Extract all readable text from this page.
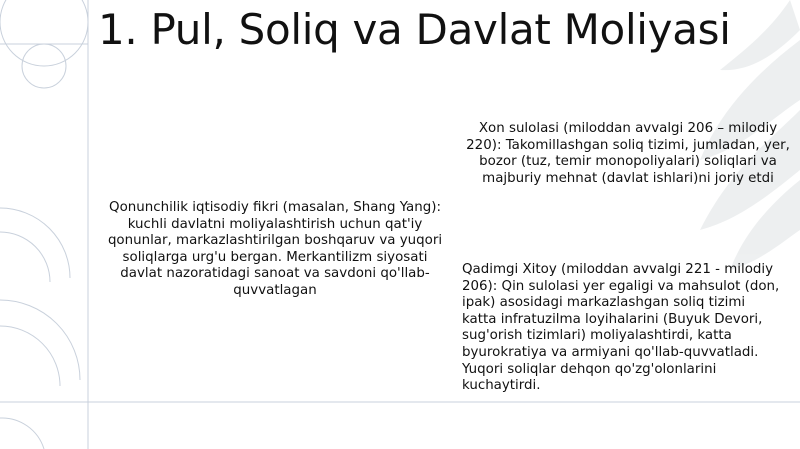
1. Pul, Soliq va Davlat Moliyasi
Xon sulolasi (miloddan avvalgi 206 – milodiy 220): Takomillashgan soliq tizimi, jumladan, yer, bozor (tuz, temir monopoliyalari) soliqlari va majburiy mehnat (davlat ishlari)ni joriy etdi
Qonunchilik iqtisodiy fikri (masalan, Shang Yang): kuchli davlatni moliyalashtirish uchun qat'iy qonunlar, markazlashtirilgan boshqaruv va yuqori soliqlarga urg'u bergan. Merkantilizm siyosati davlat nazoratidagi sanoat va savdoni qo'llab-quvvatlagan
Qadimgi Xitoy (miloddan avvalgi 221 - milodiy 206): Qin sulolasi yer egaligi va mahsulot (don, ipak) asosidagi markazlashgan soliq tizimi katta infratuzilma loyihalarini (Buyuk Devori, sug'orish tizimlari) moliyalashtirdi, katta byurokratiya va armiyani qo'llab-quvvatladi. Yuqori soliqlar dehqon qo'zg'olonlarini kuchaytirdi.
